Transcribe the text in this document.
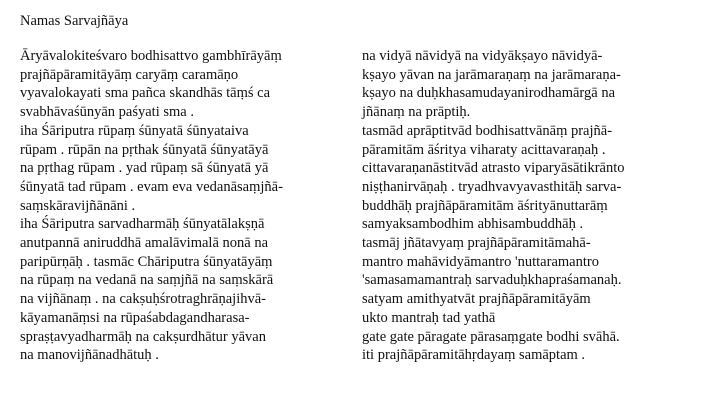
Namas Sarvajñāya
Āryāvalokiteśvaro bodhisattvo gambhīrāyāṃ
prajñāpāramitāyāṃ caryāṃ caramāṇo
vyavalokayati sma pañca skandhās tāṃś ca
svabhāvaśūnyān paśyati sma .
iha Śāriputra rūpaṃ śūnyatā śūnyataiva
rūpam . rūpān na pṛthak śūnyatā śūnyatāyā
na pṛthag rūpam . yad rūpaṃ sā śūnyatā yā
śūnyatā tad rūpam . evam eva vedanāsaṃjñā-
saṃskāravijñānāni .
iha Śāriputra sarvadharmāḥ śūnyatālakṣṇā
anutpannā aniruddhā amalāvimalā nonā na
paripūrṇāḥ . tasmāc Chāriputra śūnyatāyāṃ
na rūpaṃ na vedanā na saṃjñā na saṃskārā
na vijñānaṃ . na cakṣuḥśrotraghrāṇajihvā-
kāyamanāṃsi na rūpaśabdagandharasa-
spraṣṭavyadharmāḥ na cakṣurdhātur yāvan
na manovijñānadhātuḥ .
na vidyā nāvidyā na vidyākṣayo nāvidyā-
kṣayo yāvan na jarāmaraṇaṃ na jarāmaraṇa-
kṣayo na duḥkhasamudayanirodhamārgā na
jñānaṃ na prāptiḥ.
tasmād aprāptitvād bodhisattvānāṃ prajñā-
pāramitām āśritya viharaty acittavaraṇaḥ .
cittavaraṇanāstitvād atrasto viparyāsātikrānto
niṣṭhanirvāṇaḥ . tryadhvavyavasthitāḥ sarva-
buddhāḥ prajñāpāramitām āśrityānuttarāṃ
samyaksambodhim abhisambuddhāḥ .
tasmāj jñātavyaṃ prajñāpāramitāmahā-
mantro mahāvidyāmantro 'nuttaramantro
'samasamamantraḥ sarvaduḥkhapraśamanaḥ.
satyam amithyatvāt prajñāpāramitāyām
ukto mantraḥ tad yathā
gate gate pāragate pārasaṃgate bodhi svāhā.
iti prajñāpāramitāhṛdayaṃ samāptam .
